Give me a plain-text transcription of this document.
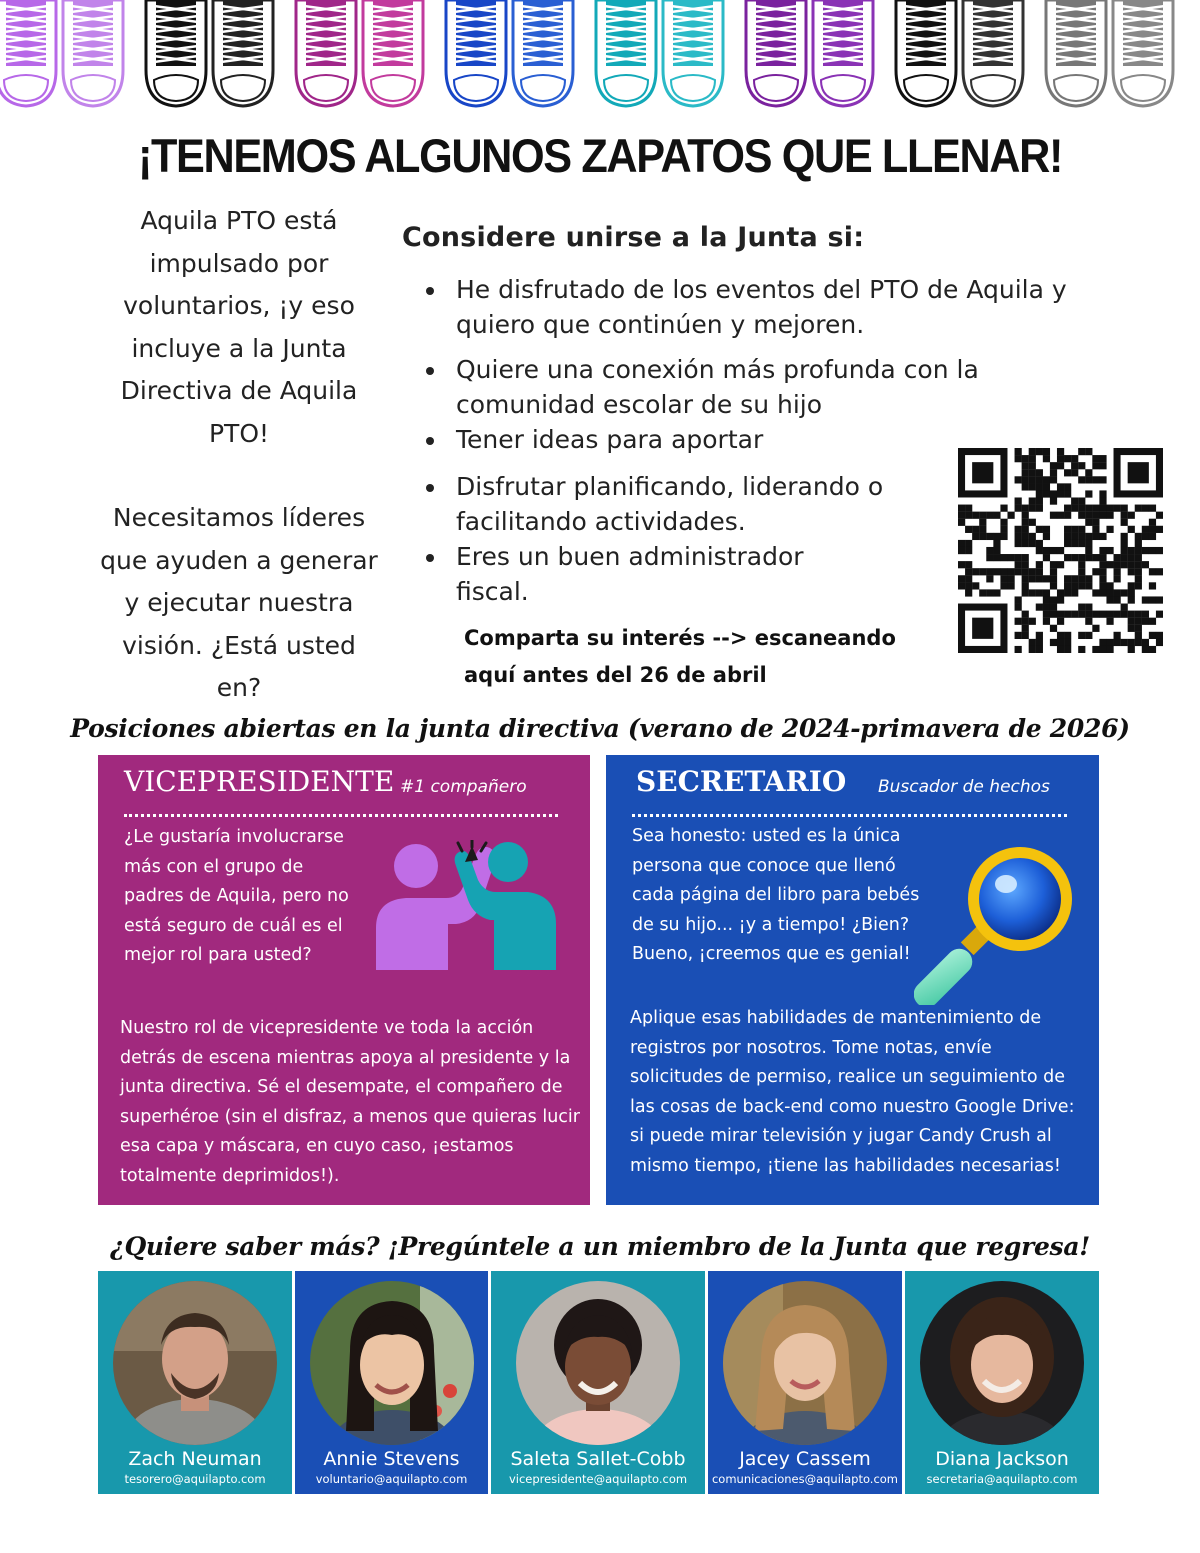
¡TENEMOS ALGUNOS ZAPATOS QUE LLENAR!

Aquila PTO está impulsado por voluntarios, ¡y eso incluye a la Junta Directiva de Aquila PTO!

Necesitamos líderes que ayuden a generar y ejecutar nuestra visión. ¿Está usted en?

Considere unirse a la Junta si:
He disfrutado de los eventos del PTO de Aquila y quiero que continúen y mejoren.
Quiere una conexión más profunda con la comunidad escolar de su hijo
Tener ideas para aportar
Disfrutar planificando, liderando o facilitando actividades.
Eres un buen administrador fiscal.
Comparta su interés --> escaneando aquí antes del 26 de abril
Posiciones abiertas en la junta directiva (verano de 2024-primavera de 2026)
VICEPRESIDENTE #1 compañero

¿Le gustaría involucrarse más con el grupo de padres de Aquila, pero no está seguro de cuál es el mejor rol para usted?

Nuestro rol de vicepresidente ve toda la acción detrás de escena mientras apoya al presidente y la junta directiva. Sé el desempate, el compañero de superhéroe (sin el disfraz, a menos que quieras lucir esa capa y máscara, en cuyo caso, ¡estamos totalmente deprimidos!).

SECRETARIO Buscador de hechos

Sea honesto: usted es la única persona que conoce que llenó cada página del libro para bebés de su hijo... ¡y a tiempo! ¿Bien? Bueno, ¡creemos que es genial!

Aplique esas habilidades de mantenimiento de registros por nosotros. Tome notas, envíe solicitudes de permiso, realice un seguimiento de las cosas de back-end como nuestro Google Drive: si puede mirar televisión y jugar Candy Crush al mismo tiempo, ¡tiene las habilidades necesarias!

¿Quiere saber más? ¡Pregúntele a un miembro de la Junta que regresa!
Zach Neuman
tesorero@aquilapto.com
Annie Stevens
voluntario@aquilapto.com
Saleta Sallet-Cobb
vicepresidente@aquilapto.com
Jacey Cassem
comunicaciones@aquilapto.com
Diana Jackson
secretaria@aquilapto.com
